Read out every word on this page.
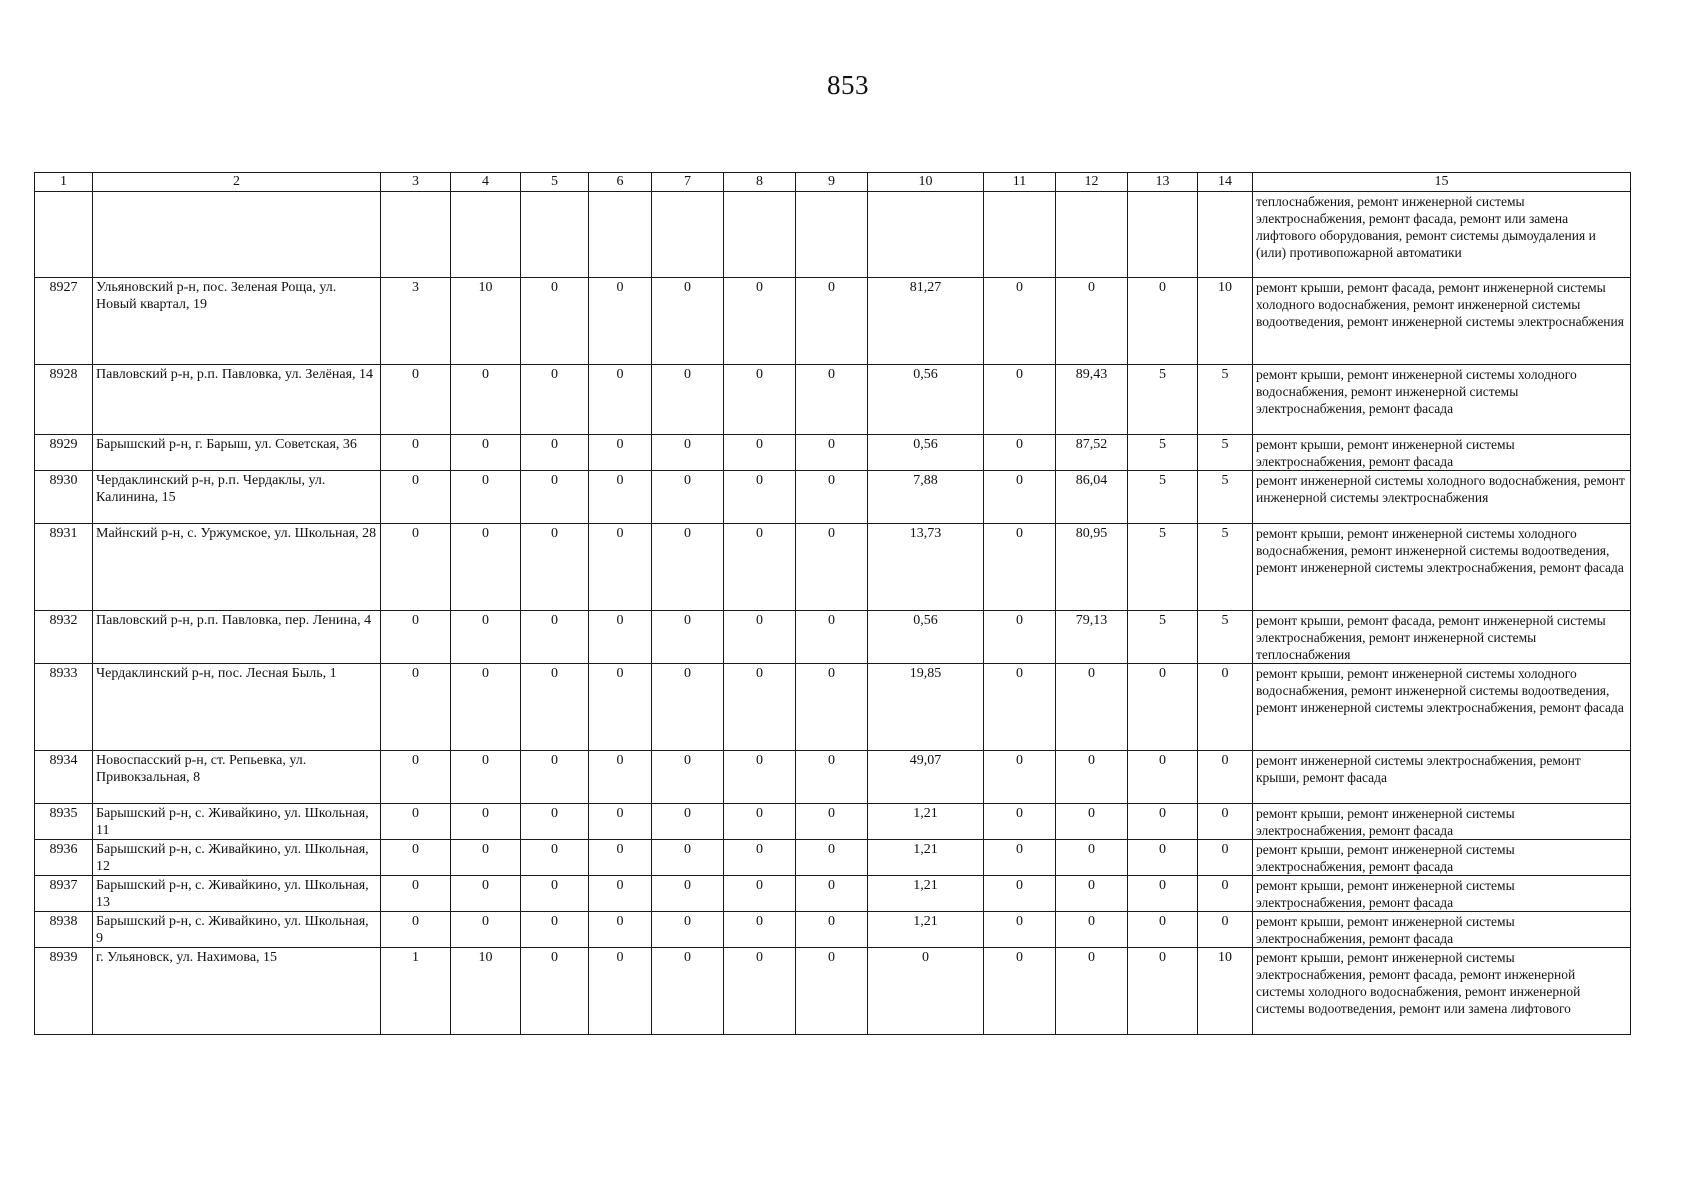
853
1	2	3	4	5	6	7	8	9	10	11	12	13	14	15
														теплоснабжения, ремонт инженерной системы электроснабжения, ремонт фасада, ремонт или замена лифтового оборудования, ремонт системы дымоудаления и (или) противопожарной автоматики
8927	Ульяновский р-н, пос. Зеленая Роща, ул. Новый квартал, 19	3	10	0	0	0	0	0	81,27	0	0	0	10	ремонт крыши, ремонт фасада, ремонт инженерной системы холодного водоснабжения, ремонт инженерной системы водоотведения, ремонт инженерной системы электроснабжения
8928	Павловский р-н, р.п. Павловка, ул. Зелёная, 14	0	0	0	0	0	0	0	0,56	0	89,43	5	5	ремонт крыши, ремонт инженерной системы холодного водоснабжения, ремонт инженерной системы электроснабжения, ремонт фасада
8929	Барышский р-н, г. Барыш, ул. Советская, 36	0	0	0	0	0	0	0	0,56	0	87,52	5	5	ремонт крыши, ремонт инженерной системы электроснабжения, ремонт фасада
8930	Чердаклинский р-н, р.п. Чердаклы, ул. Калинина, 15	0	0	0	0	0	0	0	7,88	0	86,04	5	5	ремонт инженерной системы холодного водоснабжения, ремонт инженерной системы электроснабжения
8931	Майнский р-н, с. Уржумское, ул. Школьная, 28	0	0	0	0	0	0	0	13,73	0	80,95	5	5	ремонт крыши, ремонт инженерной системы холодного водоснабжения, ремонт инженерной системы водоотведения, ремонт инженерной системы электроснабжения, ремонт фасада
8932	Павловский р-н, р.п. Павловка, пер. Ленина, 4	0	0	0	0	0	0	0	0,56	0	79,13	5	5	ремонт крыши, ремонт фасада, ремонт инженерной системы электроснабжения, ремонт инженерной системы теплоснабжения
8933	Чердаклинский р-н, пос. Лесная Быль, 1	0	0	0	0	0	0	0	19,85	0	0	0	0	ремонт крыши, ремонт инженерной системы холодного водоснабжения, ремонт инженерной системы водоотведения, ремонт инженерной системы электроснабжения, ремонт фасада
8934	Новоспасский р-н, ст. Репьевка, ул. Привокзальная, 8	0	0	0	0	0	0	0	49,07	0	0	0	0	ремонт инженерной системы электроснабжения, ремонт крыши, ремонт фасада
8935	Барышский р-н, с. Живайкино, ул. Школьная, 11	0	0	0	0	0	0	0	1,21	0	0	0	0	ремонт крыши, ремонт инженерной системы электроснабжения, ремонт фасада
8936	Барышский р-н, с. Живайкино, ул. Школьная, 12	0	0	0	0	0	0	0	1,21	0	0	0	0	ремонт крыши, ремонт инженерной системы электроснабжения, ремонт фасада
8937	Барышский р-н, с. Живайкино, ул. Школьная, 13	0	0	0	0	0	0	0	1,21	0	0	0	0	ремонт крыши, ремонт инженерной системы электроснабжения, ремонт фасада
8938	Барышский р-н, с. Живайкино, ул. Школьная, 9	0	0	0	0	0	0	0	1,21	0	0	0	0	ремонт крыши, ремонт инженерной системы электроснабжения, ремонт фасада
8939	г. Ульяновск, ул. Нахимова, 15	1	10	0	0	0	0	0	0	0	0	0	10	ремонт крыши, ремонт инженерной системы электроснабжения, ремонт фасада, ремонт инженерной системы холодного водоснабжения, ремонт инженерной системы водоотведения, ремонт или замена лифтового
